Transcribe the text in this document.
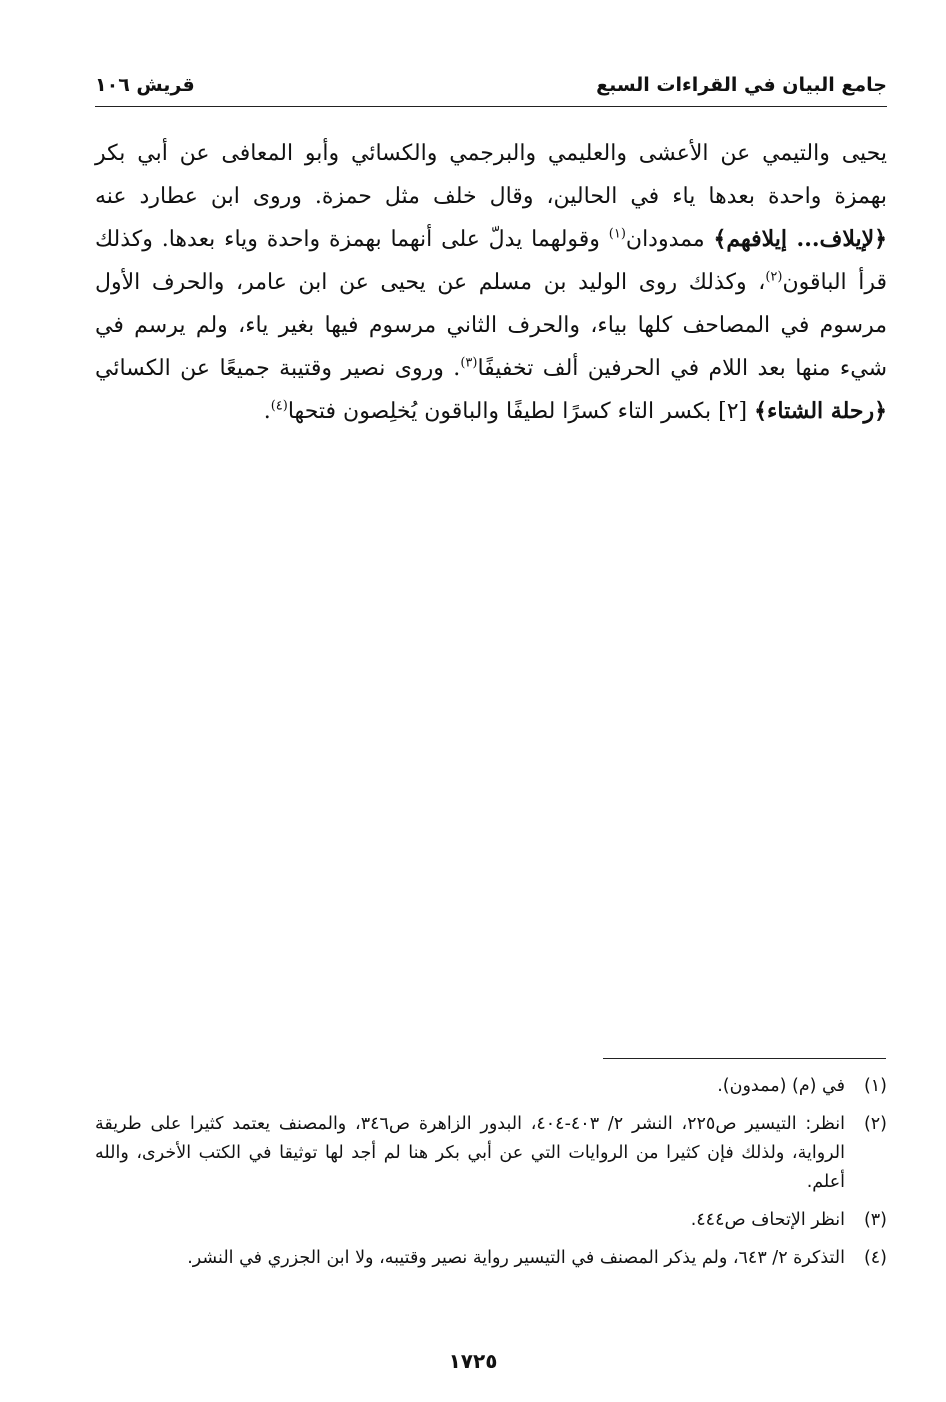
جامع البيان في القراءات السبع
قريش ١٠٦

يحيى والتيمي عن الأعشى والعليمي والبرجمي والكسائي وأبو المعافى عن أبي بكر بهمزة واحدة بعدها ياء في الحالين، وقال خلف مثل حمزة. وروى ابن عطارد عنه ﴿لإيلاف... إيلافهم﴾ ممدودان$^{(١)}$ وقولهما يدلّ على أنهما بهمزة واحدة وياء بعدها. وكذلك قرأ الباقون$^{(٢)}$، وكذلك روى الوليد بن مسلم عن يحيى عن ابن عامر، والحرف الأول مرسوم في المصاحف كلها بياء، والحرف الثاني مرسوم فيها بغير ياء، ولم يرسم في شيء منها بعد اللام في الحرفين ألف تخفيفًا$^{(٣)}$. وروى نصير وقتيبة جميعًا عن الكسائي ﴿رحلة الشتاء﴾ [٢] بكسر التاء كسرًا لطيفًا والباقون يُخلِصون فتحها$^{(٤)}$.

(١)
في (م) (ممدون).
(٢)
انظر: التيسير ص٢٢٥، النشر ٢/ ٤٠٣-٤٠٤، البدور الزاهرة ص٣٤٦، والمصنف يعتمد كثيرا على طريقة الرواية، ولذلك فإن كثيرا من الروايات التي عن أبي بكر هنا لم أجد لها توثيقا في الكتب الأخرى، والله أعلم.
(٣)
انظر الإتحاف ص٤٤٤.
(٤)
التذكرة ٢/ ٦٤٣، ولم يذكر المصنف في التيسير رواية نصير وقتيبه، ولا ابن الجزري في النشر.
١٧٢٥
